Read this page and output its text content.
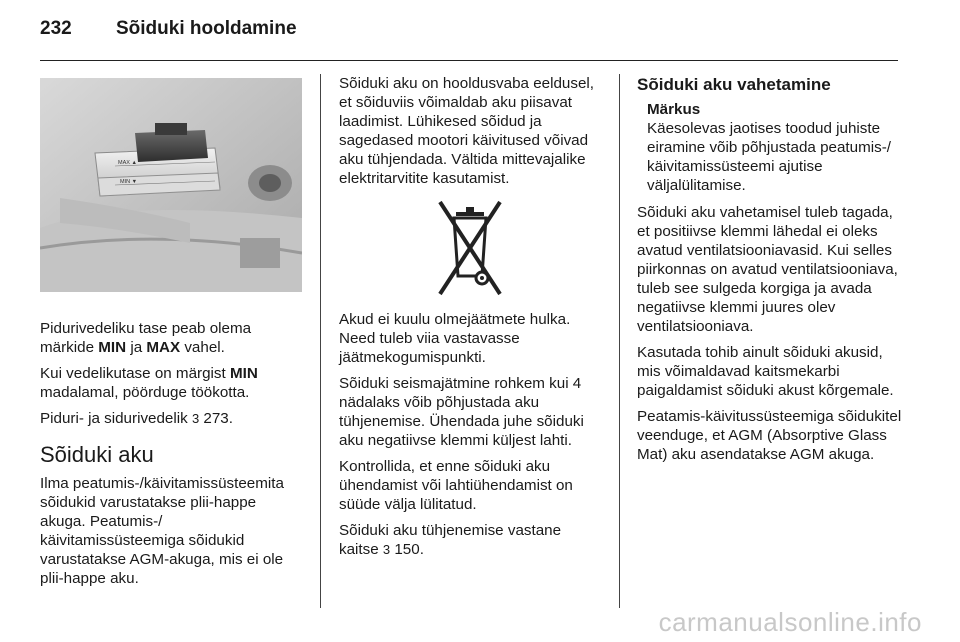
232	Sõiduki hooldamine
MAX ▲
MIN ▼

Pidurivedeliku tase peab olema märkide MIN ja MAX vahel.

Kui vedelikutase on märgist MIN madalamal, pöörduge töökotta.

Piduri- ja sidurivedelik 3 273.

Sõiduki aku

Ilma peatumis-/käivitamissüsteemita sõidukid varustatakse plii-happe akuga. Peatumis-/ käivitamissüsteemiga sõidukid varustatakse AGM-akuga, mis ei ole plii-happe aku.

Sõiduki aku on hooldusvaba eeldusel, et sõiduviis võimaldab aku piisavat laadimist. Lühikesed sõidud ja sagedased mootori käivitused võivad aku tühjendada. Vältida mittevajalike elektritarvitite kasutamist.

Akud ei kuulu olmejäätmete hulka. Need tuleb viia vastavasse jäätmekogumispunkti.

Sõiduki seismajätmine rohkem kui 4 nädalaks võib põhjustada aku tühjenemise. Ühendada juhe sõiduki aku negatiivse klemmi küljest lahti.

Kontrollida, et enne sõiduki aku ühendamist või lahtiühendamist on süüde välja lülitatud.

Sõiduki aku tühjenemise vastane kaitse 3 150.

Sõiduki aku vahetamine
Märkus
Käesolevas jaotises toodud juhiste eiramine võib põhjustada peatumis-/ käivitamissüsteemi ajutise väljalülitamise.

Sõiduki aku vahetamisel tuleb tagada, et positiivse klemmi lähedal ei oleks avatud ventilatsiooniavasid. Kui selles piirkonnas on avatud ventilatsiooniava, tuleb see sulgeda korgiga ja avada negatiivse klemmi juures olev ventilatsiooniava.

Kasutada tohib ainult sõiduki akusid, mis võimaldavad kaitsmekarbi paigaldamist sõiduki akust kõrgemale.

Peatamis-käivitussüsteemiga sõidukitel veenduge, et AGM (Absorptive Glass Mat) aku asendatakse AGM akuga.

carmanualsonline.info
